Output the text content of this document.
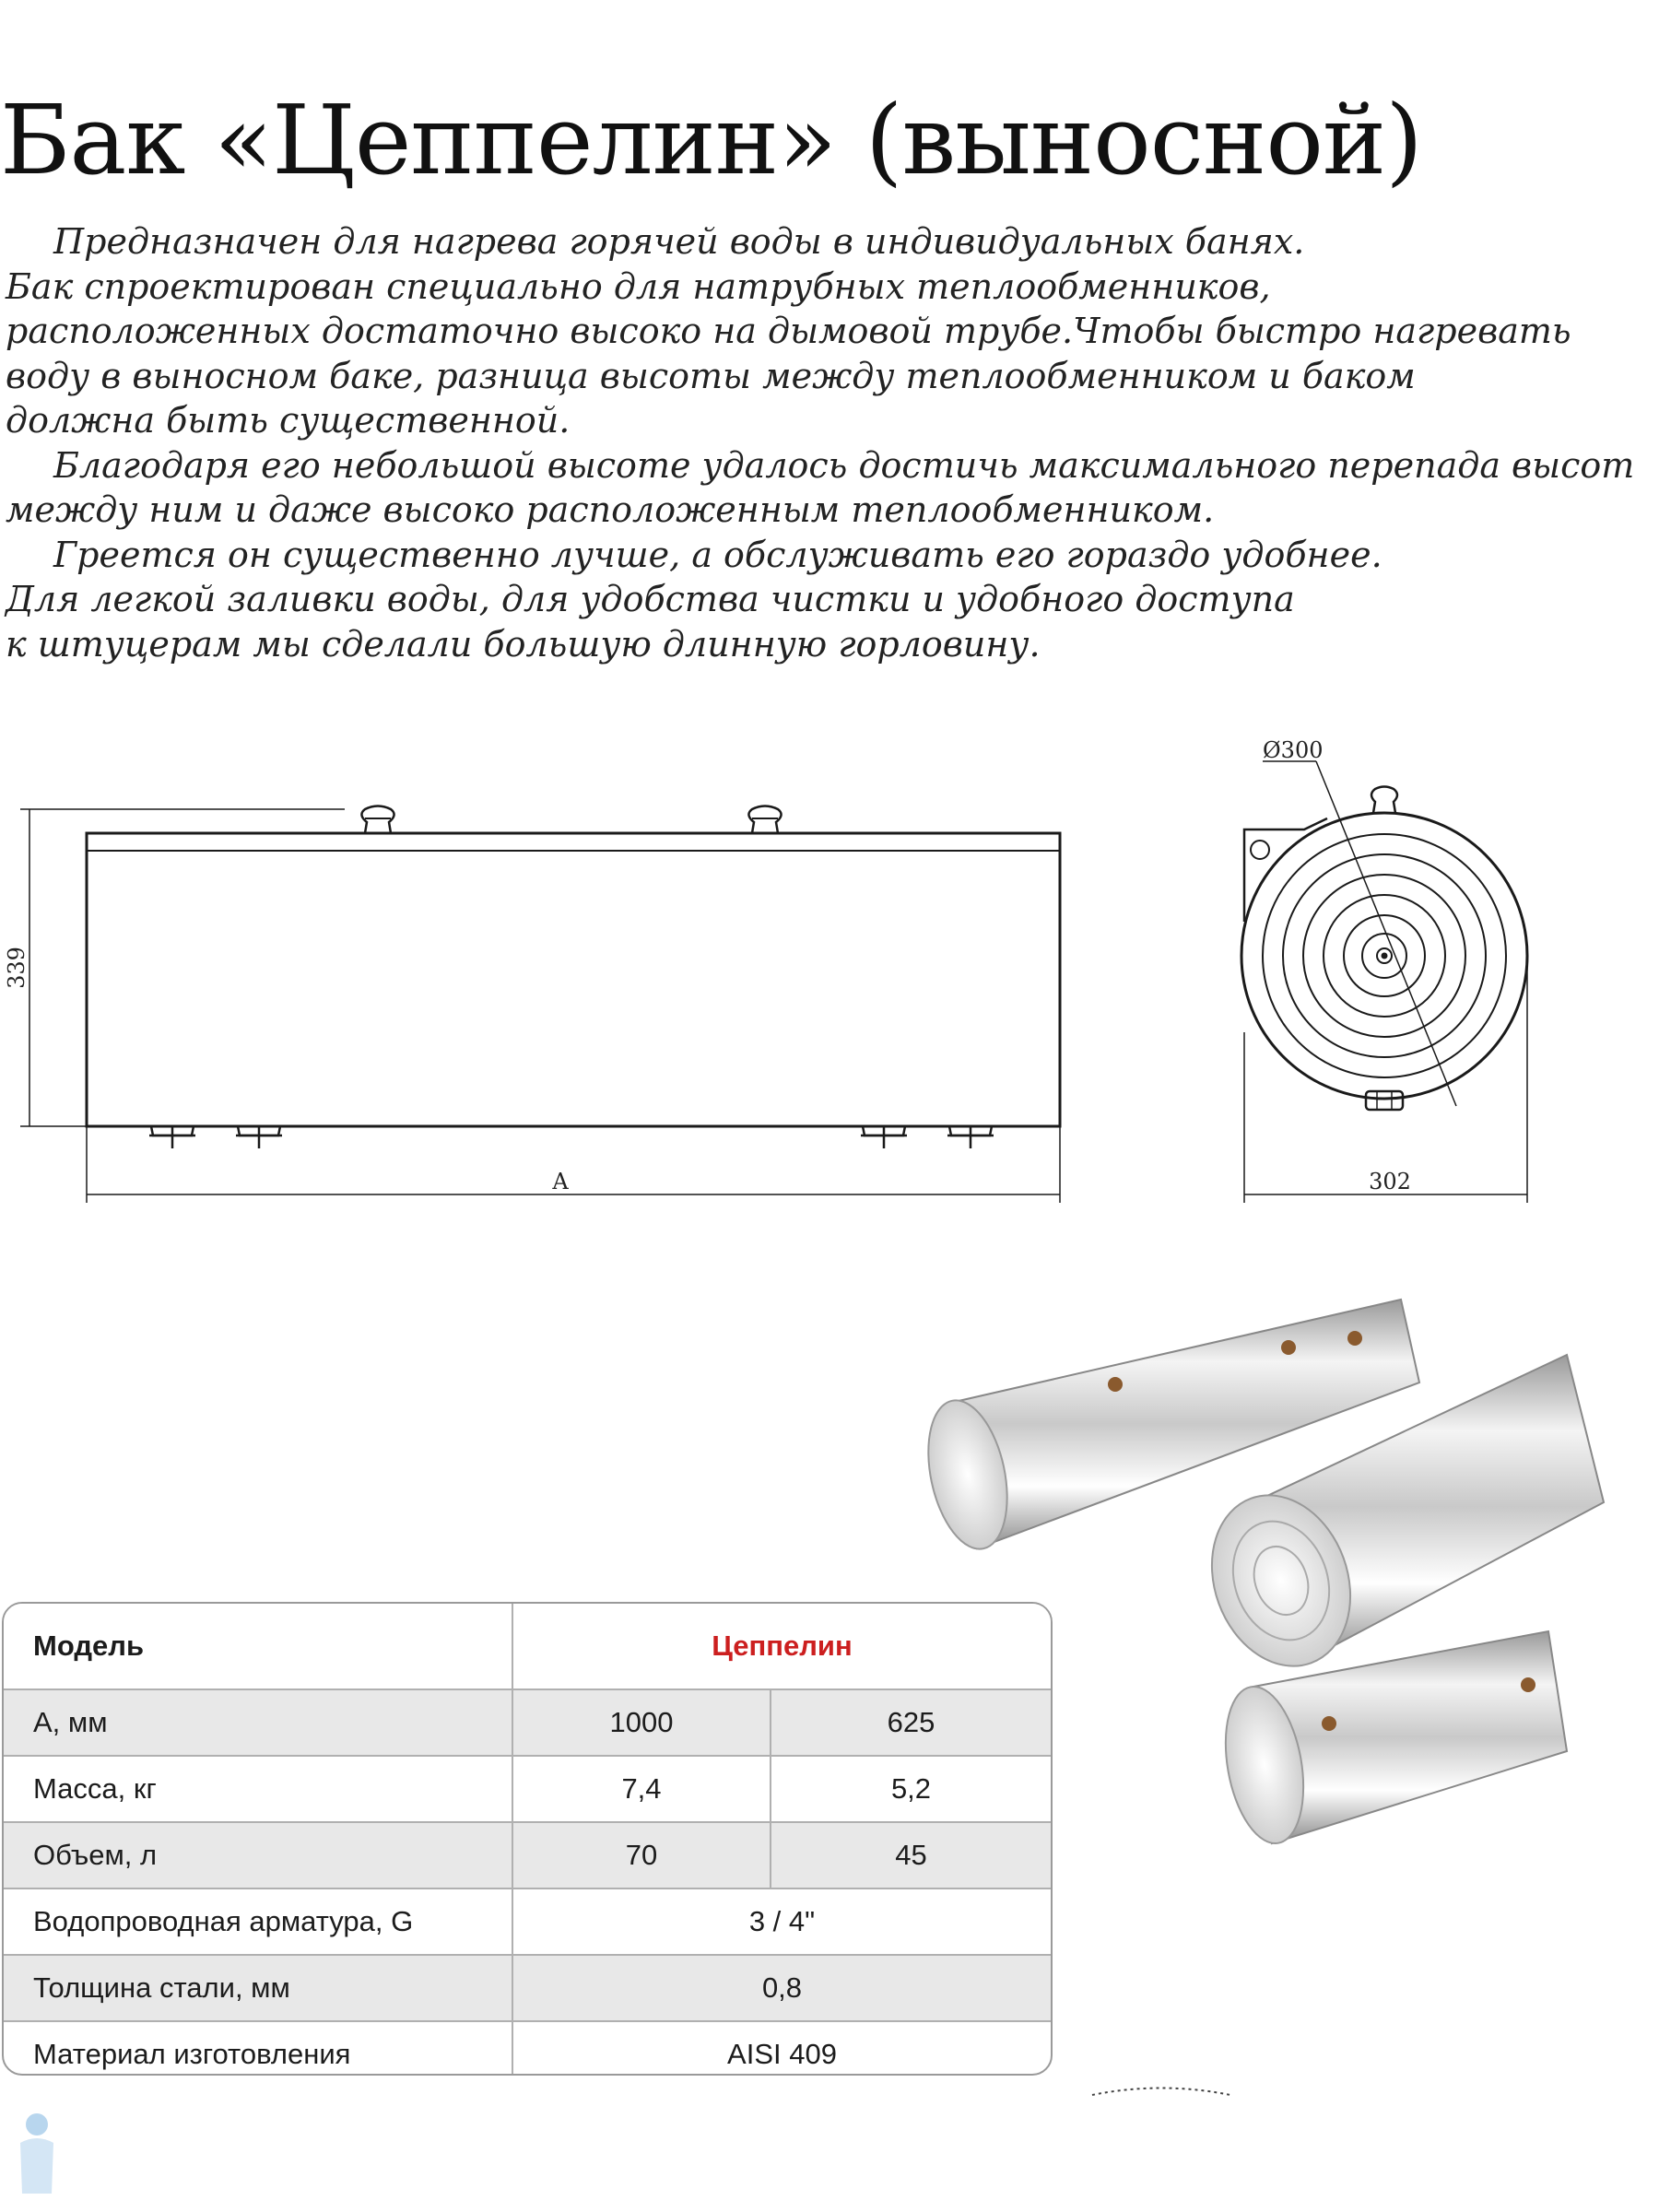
Бак «Цеппелин» (выносной)
Предназначен для нагрева горячей воды в индивидуальных банях.
Бак спроектирован специально для натрубных теплообменников,
расположенных достаточно высоко на дымовой трубе.Чтобы быстро нагревать
воду в выносном баке, разница высоты между теплообменником и баком
должна быть существенной.
Благодаря его небольшой высоте удалось достичь максимального перепада высот
между ним и даже высоко расположенным теплообменником.
Греется он существенно лучше, а обслуживать его гораздо удобнее.
Для легкой заливки воды, для удобства чистки и удобного доступа
к штуцерам мы сделали большую длинную горловину.
339
A
Ø300
302
Модель	Цеппелин	
А, мм	1000	625
Масса, кг	7,4	5,2
Объем, л	70	45
Водопроводная арматура, G	3 / 4"	
Толщина стали, мм	0,8	
Материал изготовления	AISI 409	
